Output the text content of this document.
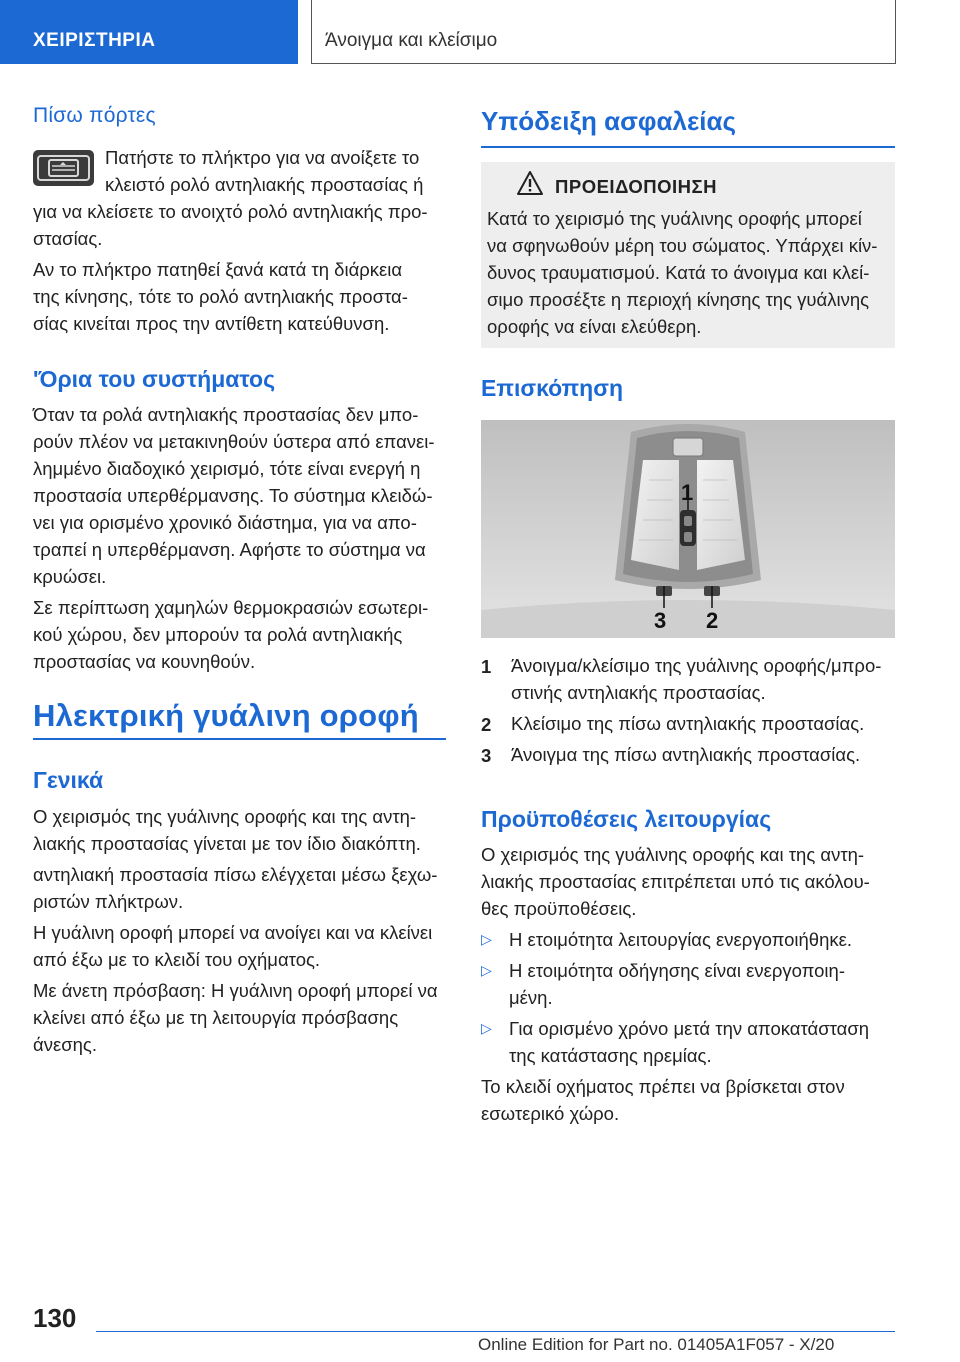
ΧΕΙΡΙΣΤΗΡΙΑ	Άνοιγμα και κλείσιμο
Πίσω πόρτες

Πατήστε το πλήκτρο για να ανοίξετε το

κλειστό ρολό αντηλιακής προστασίας ή

για να κλείσετε το ανοιχτό ρολό αντηλιακής προ-

στασίας.

Αν το πλήκτρο πατηθεί ξανά κατά τη διάρκεια

της κίνησης, τότε το ρολό αντηλιακής προστα-

σίας κινείται προς την αντίθετη κατεύθυνση.

'Όρια του συστήματος

Όταν τα ρολά αντηλιακής προστασίας δεν μπο-

ρούν πλέον να μετακινηθούν ύστερα από επανει-

λημμένο διαδοχικό χειρισμό, τότε είναι ενεργή η

προστασία υπερθέρμανσης. Το σύστημα κλειδώ-

νει για ορισμένο χρονικό διάστημα, για να απο-

τραπεί η υπερθέρμανση. Αφήστε το σύστημα να

κρυώσει.

Σε περίπτωση χαμηλών θερμοκρασιών εσωτερι-

κού χώρου, δεν μπορούν τα ρολά αντηλιακής

προστασίας να κουνηθούν.

Ηλεκτρική γυάλινη οροφή
Γενικά

Ο χειρισμός της γυάλινης οροφής και της αντη-

λιακής προστασίας γίνεται με τον ίδιο διακόπτη.

αντηλιακή προστασία πίσω ελέγχεται μέσω ξεχω-

ριστών πλήκτρων.

Η γυάλινη οροφή μπορεί να ανοίγει και να κλείνει

από έξω με το κλειδί του οχήματος.

Με άνετη πρόσβαση: Η γυάλινη οροφή μπορεί να

κλείνει από έξω με τη λειτουργία πρόσβασης

άνεσης.

Υπόδειξη ασφαλείας
ΠΡΟΕΙΔΟΠΟΙΗΣΗ

Κατά το χειρισμό της γυάλινης οροφής μπορεί

να σφηνωθούν μέρη του σώματος. Υπάρχει κίν-

δυνος τραυματισμού. Κατά το άνοιγμα και κλεί-

σιμο προσέξτε η περιοχή κίνησης της γυάλινης

οροφής να είναι ελεύθερη.

Επισκόπηση
1
3 2
1 Άνοιγμα/κλείσιμο της γυάλινης οροφής/μπρο-
στινής αντηλιακής προστασίας.
2 Κλείσιμο της πίσω αντηλιακής προστασίας.
3 Άνοιγμα της πίσω αντηλιακής προστασίας.
Προϋποθέσεις λειτουργίας

Ο χειρισμός της γυάλινης οροφής και της αντη-

λιακής προστασίας επιτρέπεται υπό τις ακόλου-

θες προϋποθέσεις.

▷ Η ετοιμότητα λειτουργίας ενεργοποιήθηκε.

▷ Η ετοιμότητα οδήγησης είναι ενεργοποιη-

μένη.

▷ Για ορισμένο χρόνο μετά την αποκατάσταση

της κατάστασης ηρεμίας.

Το κλειδί οχήματος πρέπει να βρίσκεται στον

εσωτερικό χώρο.

130
Online Edition for Part no. 01405A1F057 - X/20
